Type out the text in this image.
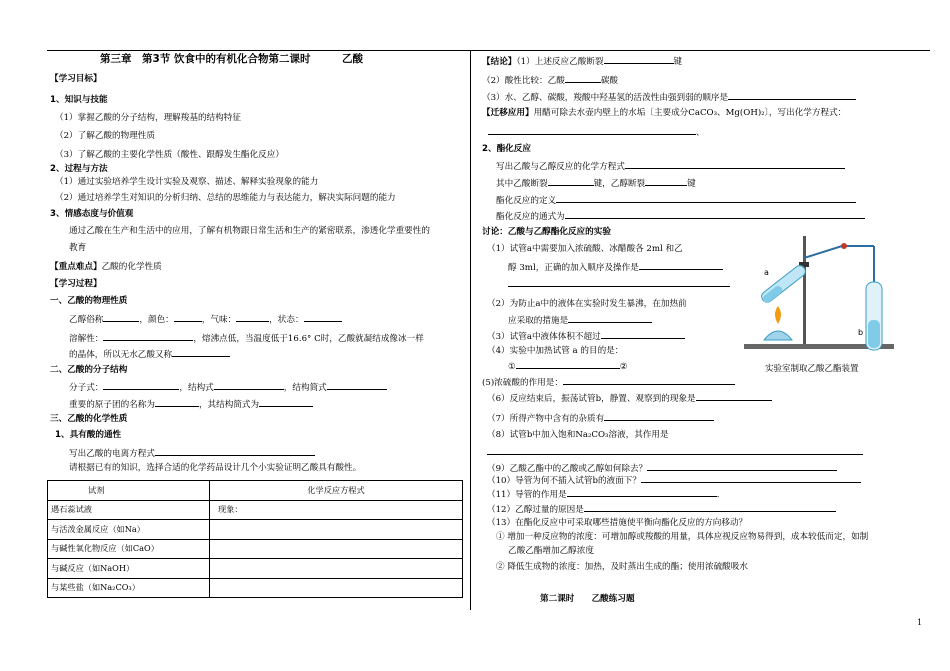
第三章　第3节 饮食中的有机化合物第二课时　　　乙酸
【学习目标】
1、知识与技能
（1）掌握乙酸的分子结构，理解羧基的结构特征
（2）了解乙酸的物理性质
（3）了解乙酸的主要化学性质（酸性、跟醇发生酯化反应）
2、过程与方法
（1）通过实验培养学生设计实验及观察、描述、解释实验现象的能力
（2）通过培养学生对知识的分析归纳、总结的思维能力与表达能力，解决实际问题的能力
3、情感态度与价值观
通过乙酸在生产和生活中的应用，了解有机物跟日常生活和生产的紧密联系，渗透化学重要性的
教育
【重点难点】乙酸的化学性质
【学习过程】
一、乙酸的物理性质
乙醇俗称	，颜色：	，气味：	，状态：
溶解性：	，熔沸点低，当温度低于16.6° C时，乙酸就凝结成像冰一样
的晶体，所以无水乙酸又称
二、乙酸的分子结构
分子式：	，结构式	，结构简式
重要的原子团的名称为	，其结构简式为
三、乙酸的化学性质
1、具有酸的通性
写出乙酸的电离方程式
请根据已有的知识，选择合适的化学药品设计几个小实验证明乙酸具有酸性。
试剂	化学反应方程式
遇石蕊试液	现象：
与活泼金属反应（如Na）	
与碱性氧化物反应（如CaO）	
与碱反应（如NaOH）	
与某些盐（如Na₂CO₃）	
【结论】（1）上述反应乙酸断裂	键
（2）酸性比较：乙酸	碳酸
（3）水、乙醇、碳酸，羧酸中羟基氢的活泼性由强到弱的顺序是
【迁移应用】用醋可除去水壶内壁上的水垢〔主要成分CaCO₃、Mg(OH)₂〕，写出化学方程式：
、
2、酯化反应
写出乙酸与乙醇反应的化学方程式
其中乙酸断裂	键，乙醇断裂	键
酯化反应的定义
酯化反应的通式为
讨论：乙酸与乙醇酯化反应的实验
（1）试管a中需要加入浓硫酸、冰醋酸各 2ml 和乙
醇 3ml，正确的加入顺序及操作是
（2）为防止a中的液体在实验时发生暴沸，在加热前
应采取的措施是
（3）试管a中液体体积不超过
（4）实验中加热试管 a 的目的是：
①	②
(5)浓硫酸的作用是：
（6）反应结束后，振荡试管b，静置、观察到的现象是
（7）所得产物中含有的杂质有
（8）试管b中加入饱和Na₂CO₃溶液，其作用是
（9）乙酸乙酯中的乙酸或乙醇如何除去？
（10）导管为何不插入试管b的液面下？
（11）导管的作用是	.
（12）乙醇过量的原因是
（13）在酯化反应中可采取哪些措施使平衡向酯化反应的方向移动？
① 增加一种反应物的浓度：可增加醇或羧酸的用量，具体应视反应物易得到，成本较低而定，如制
乙酸乙酯增加乙醇浓度
② 降低生成物的浓度：加热，及时蒸出生成的酯；使用浓硫酸吸水
第二课时　　乙酸练习题
1
a
b
实验室制取乙酸乙酯装置
